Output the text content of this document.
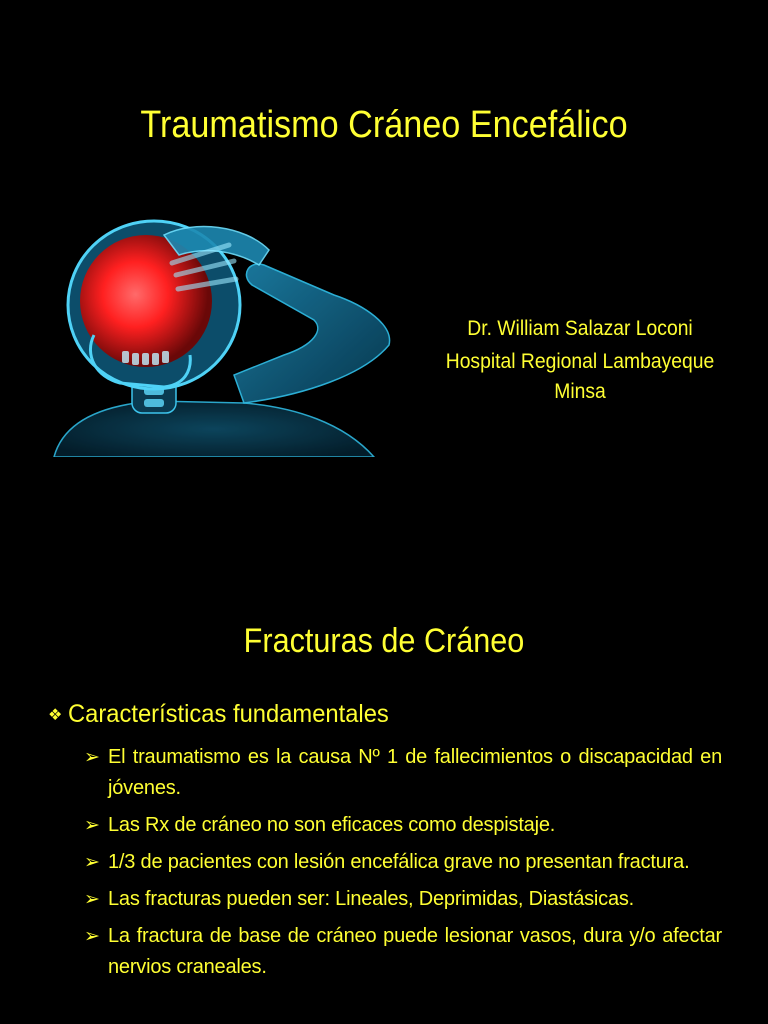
Traumatismo Cráneo Encefálico
Dr. William Salazar Loconi
Hospital Regional Lambayeque
Minsa
Fracturas de Cráneo
❖ Características fundamentales
➢ El traumatismo es la causa Nº 1 de fallecimientos o discapacidad en jóvenes.
➢ Las Rx de cráneo no son eficaces como despistaje.
➢ 1/3 de pacientes con lesión encefálica grave no presentan fractura.
➢ Las fracturas pueden ser: Lineales, Deprimidas, Diastásicas.
➢ La fractura de base de cráneo puede lesionar vasos, dura y/o afectar nervios craneales.
